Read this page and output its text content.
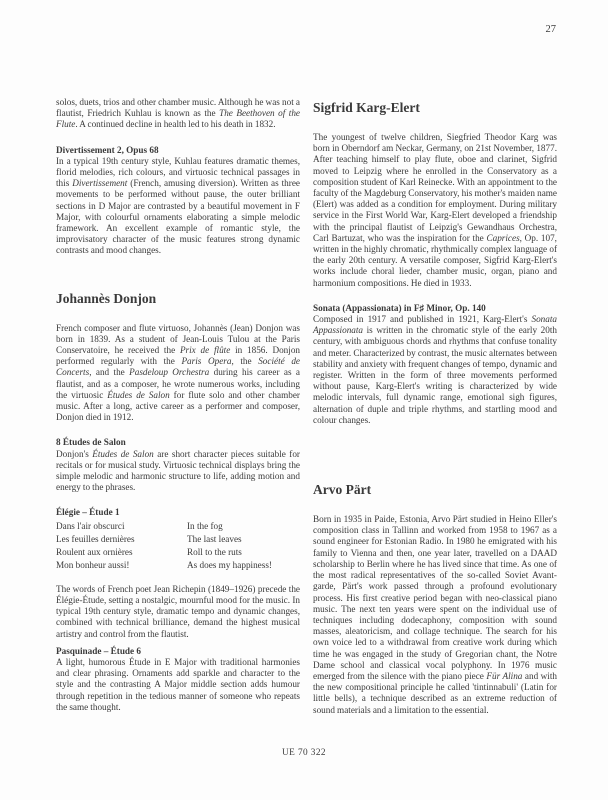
27

solos, duets, trios and other chamber music. Although he was not a flautist, Friedrich Kuhlau is known as the The Beethoven of the Flute. A continued decline in health led to his death in 1832.

Divertissement 2, Opus 68

In a typical 19th century style, Kuhlau features dramatic themes, florid melodies, rich colours, and virtuosic technical passages in this Divertissement (French, amusing diversion). Written as three movements to be performed without pause, the outer brilliant sections in D Major are contrasted by a beautiful movement in F Major, with colourful ornaments elaborating a simple melodic framework. An excellent example of romantic style, the improvisatory character of the music features strong dynamic contrasts and mood changes.

Johannès Donjon

French composer and flute virtuoso, Johannès (Jean) Donjon was born in 1839. As a student of Jean-Louis Tulou at the Paris Conservatoire, he received the Prix de flûte in 1856. Donjon performed regularly with the Paris Opera, the Société de Concerts, and the Pasdeloup Orchestra during his career as a flautist, and as a composer, he wrote numerous works, including the virtuosic Études de Salon for flute solo and other chamber music. After a long, active career as a performer and composer, Donjon died in 1912.

8 Études de Salon

Donjon's Études de Salon are short character pieces suitable for recitals or for musical study. Virtuosic technical displays bring the simple melodic and harmonic structure to life, adding motion and energy to the phrases.

Élégie – Étude 1
Dans l'air obscurci	In the fog
Les feuilles dernières	The last leaves
Roulent aux ornières	Roll to the ruts
Mon bonheur aussi!	As does my happiness!

The words of French poet Jean Richepin (1849–1926) precede the Élégie-Étude, setting a nostalgic, mournful mood for the music. In typical 19th century style, dramatic tempo and dynamic changes, combined with technical brilliance, demand the highest musical artistry and control from the flautist.

Pasquinade – Étude 6

A light, humorous Étude in E Major with traditional harmonies and clear phrasing. Ornaments add sparkle and character to the style and the contrasting A Major middle section adds humour through repetition in the tedious manner of someone who repeats the same thought.

Sigfrid Karg-Elert

The youngest of twelve children, Siegfried Theodor Karg was born in Oberndorf am Neckar, Germany, on 21st November, 1877. After teaching himself to play flute, oboe and clarinet, Sigfrid moved to Leipzig where he enrolled in the Conservatory as a composition student of Karl Reinecke. With an appointment to the faculty of the Magdeburg Conservatory, his mother's maiden name (Elert) was added as a condition for employment. During military service in the First World War, Karg-Elert developed a friendship with the principal flautist of Leipzig's Gewandhaus Orchestra, Carl Bartuzat, who was the inspiration for the Caprices, Op. 107, written in the highly chromatic, rhythmically complex language of the early 20th century. A versatile composer, Sigfrid Karg-Elert's works include choral lieder, chamber music, organ, piano and harmonium compositions. He died in 1933.

Sonata (Appassionata) in F♯ Minor, Op. 140

Composed in 1917 and published in 1921, Karg-Elert's Sonata Appassionata is written in the chromatic style of the early 20th century, with ambiguous chords and rhythms that confuse tonality and meter. Characterized by contrast, the music alternates between stability and anxiety with frequent changes of tempo, dynamic and register. Written in the form of three movements performed without pause, Karg-Elert's writing is characterized by wide melodic intervals, full dynamic range, emotional sigh figures, alternation of duple and triple rhythms, and startling mood and colour changes.

Arvo Pärt

Born in 1935 in Paide, Estonia, Arvo Pärt studied in Heino Eller's composition class in Tallinn and worked from 1958 to 1967 as a sound engineer for Estonian Radio. In 1980 he emigrated with his family to Vienna and then, one year later, travelled on a DAAD scholarship to Berlin where he has lived since that time. As one of the most radical representatives of the so-called Soviet Avant-garde, Pärt's work passed through a profound evolutionary process. His first creative period began with neo-classical piano music. The next ten years were spent on the individual use of techniques including dodecaphony, composition with sound masses, aleatoricism, and collage technique. The search for his own voice led to a withdrawal from creative work during which time he was engaged in the study of Gregorian chant, the Notre Dame school and classical vocal polyphony. In 1976 music emerged from the silence with the piano piece Für Alina and with the new compositional principle he called 'tintinnabuli' (Latin for little bells), a technique described as an extreme reduction of sound materials and a limitation to the essential.

UE 70 322
